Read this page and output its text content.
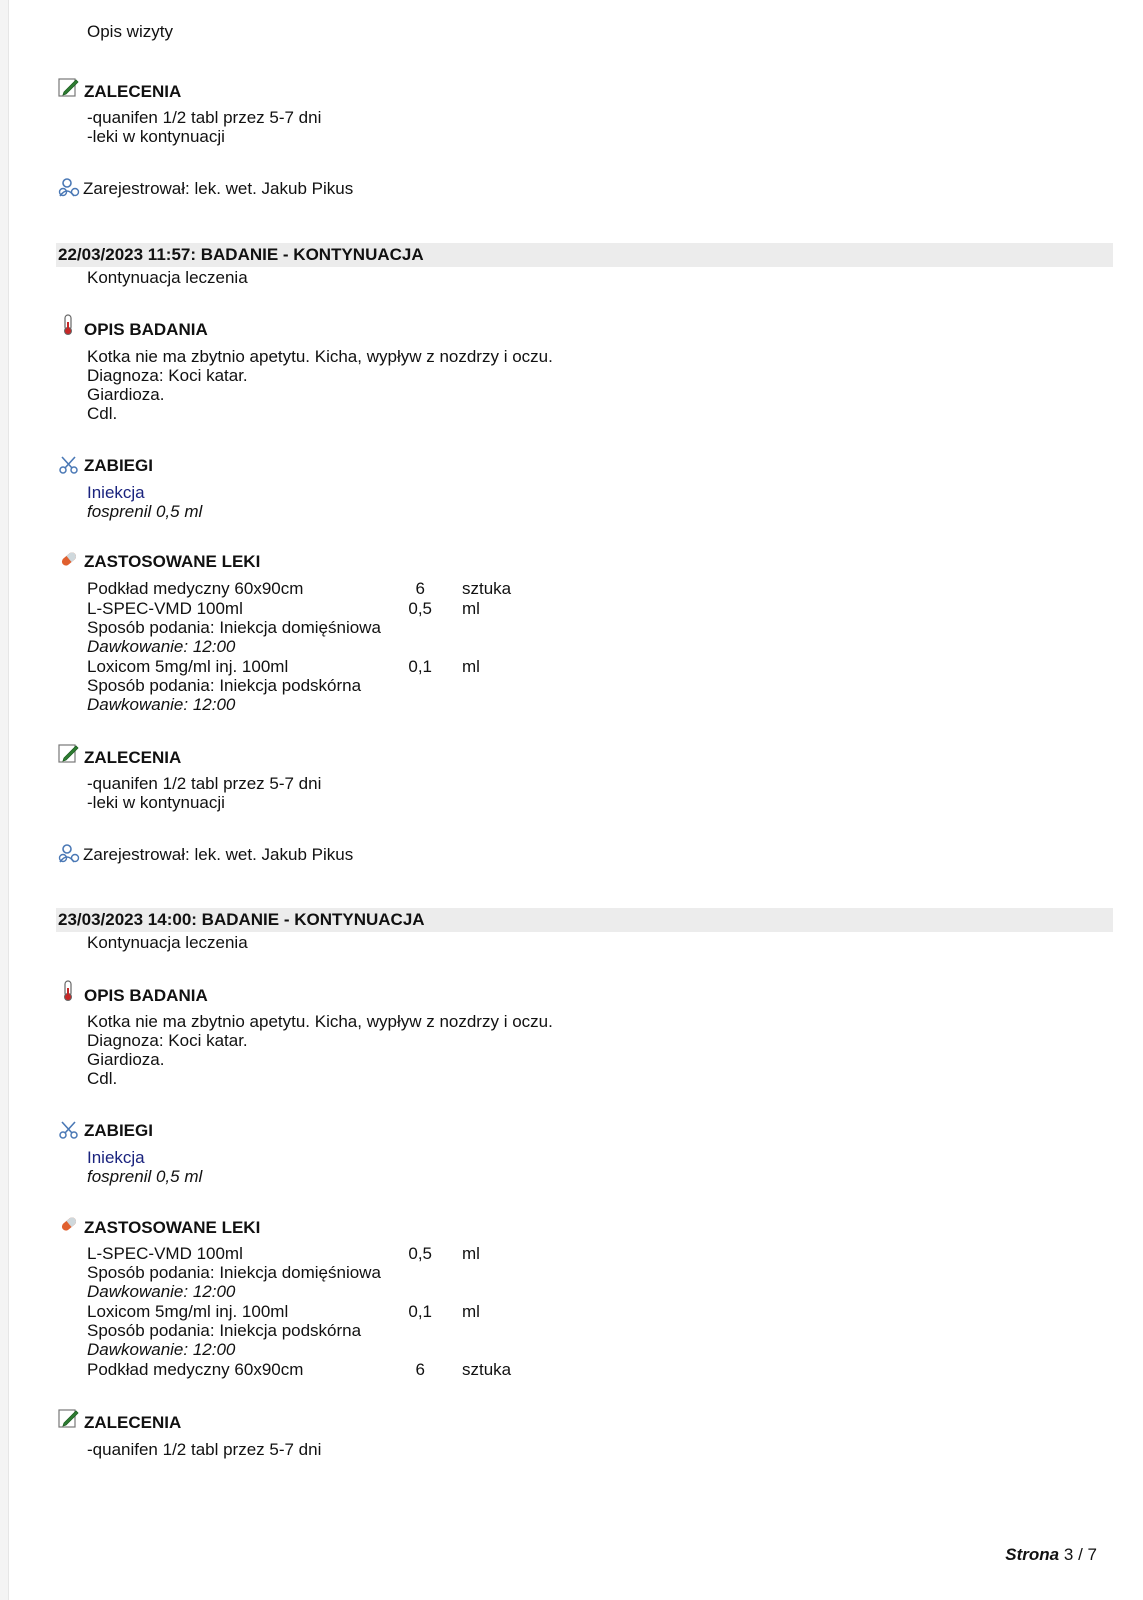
Opis wizyty
ZALECENIA
-quanifen 1/2 tabl przez 5-7 dni
-leki w kontynuacji
Zarejestrował: lek. wet. Jakub Pikus
22/03/2023 11:57: BADANIE - KONTYNUACJA
Kontynuacja leczenia
OPIS BADANIA
Kotka nie ma zbytnio apetytu. Kicha, wypływ z nozdrzy i oczu.
Diagnoza: Koci katar.
Giardioza.
Cdl.
ZABIEGI
Iniekcja
fosprenil 0,5 ml
ZASTOSOWANE LEKI
Podkład medyczny 60x90cm	6 sztuka
L-SPEC-VMD 100ml	0,5 ml
Sposób podania: Iniekcja domięśniowa
Dawkowanie: 12:00
Loxicom 5mg/ml inj. 100ml	0,1 ml
Sposób podania: Iniekcja podskórna
Dawkowanie: 12:00
ZALECENIA
-quanifen 1/2 tabl przez 5-7 dni
-leki w kontynuacji
Zarejestrował: lek. wet. Jakub Pikus
23/03/2023 14:00: BADANIE - KONTYNUACJA
Kontynuacja leczenia
OPIS BADANIA
Kotka nie ma zbytnio apetytu. Kicha, wypływ z nozdrzy i oczu.
Diagnoza: Koci katar.
Giardioza.
Cdl.
ZABIEGI
Iniekcja
fosprenil 0,5 ml
ZASTOSOWANE LEKI
L-SPEC-VMD 100ml	0,5 ml
Sposób podania: Iniekcja domięśniowa
Dawkowanie: 12:00
Loxicom 5mg/ml inj. 100ml	0,1 ml
Sposób podania: Iniekcja podskórna
Dawkowanie: 12:00
Podkład medyczny 60x90cm	6 sztuka
ZALECENIA
-quanifen 1/2 tabl przez 5-7 dni
Strona 3 / 7
